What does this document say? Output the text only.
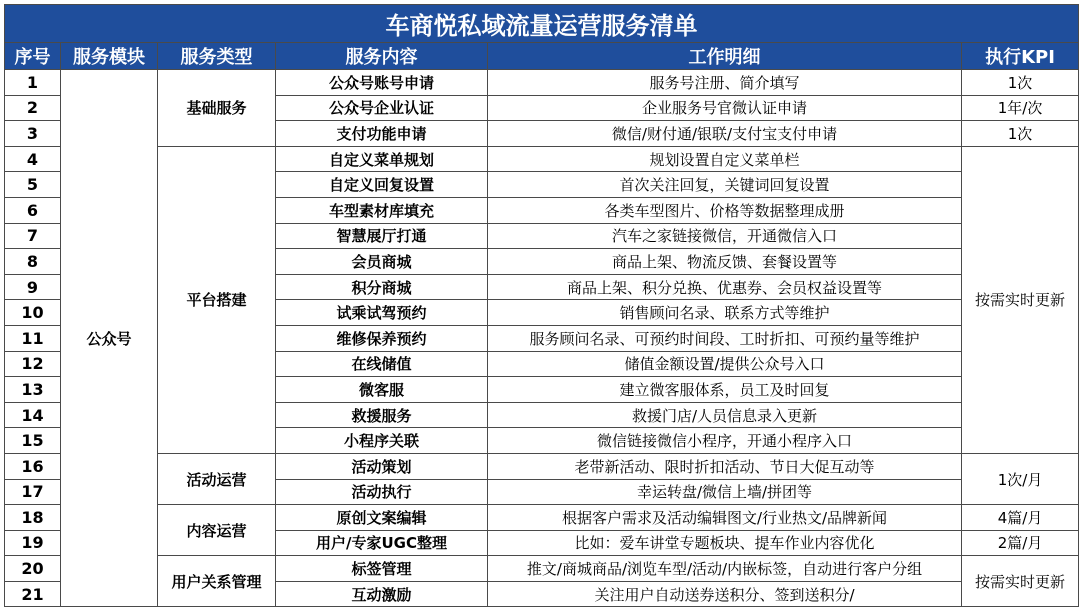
车商悦私域流量运营服务清单					
序号	服务模块	服务类型	服务内容	工作明细	执行KPI
1	公众号	基础服务	公众号账号申请	服务号注册、简介填写	1次
2			公众号企业认证	企业服务号官微认证申请	1年/次
3			支付功能申请	微信/财付通/银联/支付宝支付申请	1次
4		平台搭建	自定义菜单规划	规划设置自定义菜单栏	按需实时更新
5			自定义回复设置	首次关注回复，关键词回复设置	
6			车型素材库填充	各类车型图片、价格等数据整理成册	
7			智慧展厅打通	汽车之家链接微信，开通微信入口	
8			会员商城	商品上架、物流反馈、套餐设置等	
9			积分商城	商品上架、积分兑换、优惠券、会员权益设置等	
10			试乘试驾预约	销售顾问名录、联系方式等维护	
11			维修保养预约	服务顾问名录、可预约时间段、工时折扣、可预约量等维护	
12			在线储值	储值金额设置/提供公众号入口	
13			微客服	建立微客服体系，员工及时回复	
14			救援服务	救援门店/人员信息录入更新	
15			小程序关联	微信链接微信小程序，开通小程序入口	
16		活动运营	活动策划	老带新活动、限时折扣活动、节日大促互动等	1次/月
17			活动执行	幸运转盘/微信上墙/拼团等	
18		内容运营	原创文案编辑	根据客户需求及活动编辑图文/行业热文/品牌新闻	4篇/月
19			用户/专家UGC整理	比如：爱车讲堂专题板块、提车作业内容优化	2篇/月
20		用户关系管理	标签管理	推文/商城商品/浏览车型/活动/内嵌标签，自动进行客户分组	按需实时更新
21			互动激励	关注用户自动送券送积分、签到送积分/	
